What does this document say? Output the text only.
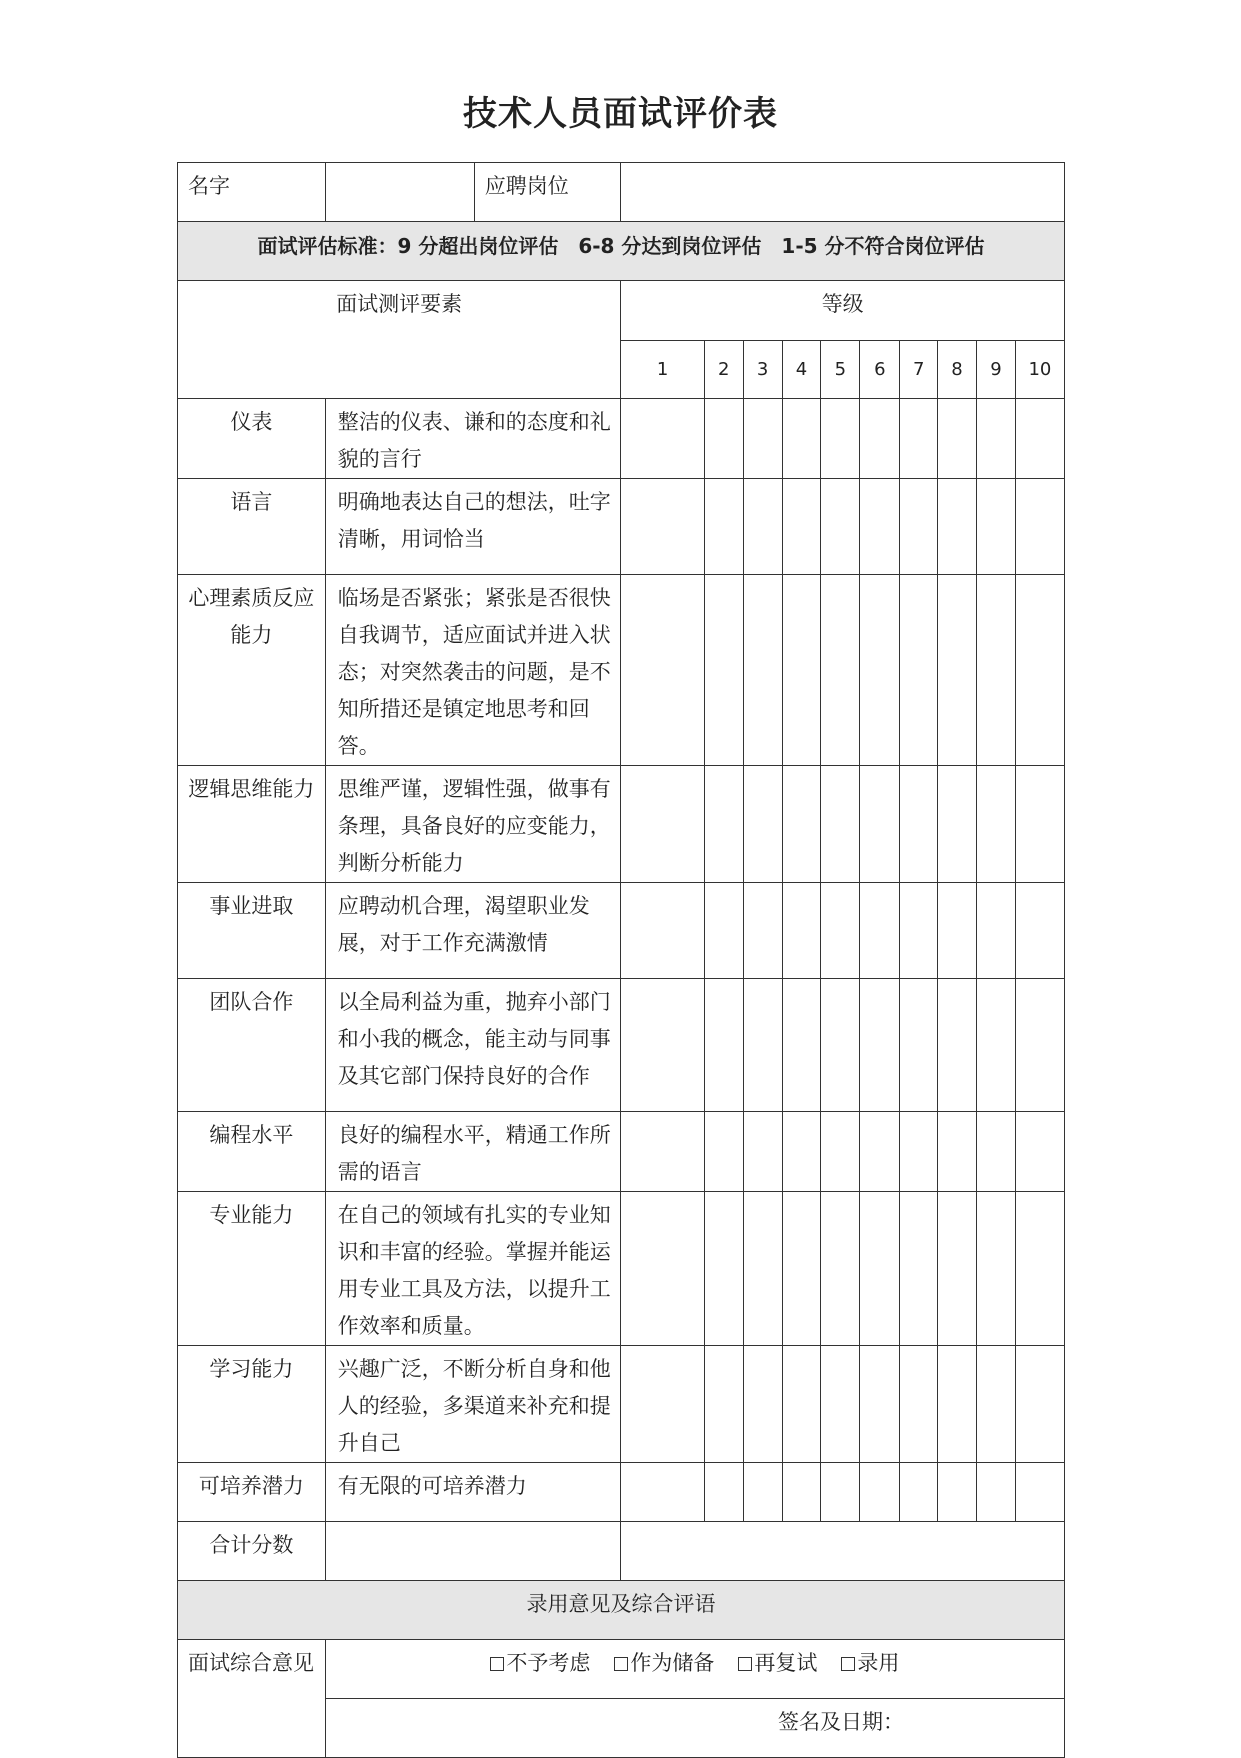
技术人员面试评价表
名字		应聘岗位										
面试评估标准：9 分超出岗位评估　6-8 分达到岗位评估　1-5 分不符合岗位评估												
面试测评要素			等级									
			1	2	3	4	5	6	7	8	9	10
仪表	整洁的仪表、谦和的态度和礼貌的言行											
语言	明确地表达自己的想法，吐字清晰，用词恰当											
心理素质反应能力	临场是否紧张；紧张是否很快自我调节，适应面试并进入状态；对突然袭击的问题，是不知所措还是镇定地思考和回答。											
逻辑思维能力	思维严谨，逻辑性强，做事有条理，具备良好的应变能力，判断分析能力											
事业进取	应聘动机合理，渴望职业发展，对于工作充满激情											
团队合作	以全局利益为重，抛弃小部门和小我的概念，能主动与同事及其它部门保持良好的合作											
编程水平	良好的编程水平，精通工作所需的语言											
专业能力	在自己的领域有扎实的专业知识和丰富的经验。掌握并能运用专业工具及方法，以提升工作效率和质量。											
学习能力	兴趣广泛，不断分析自身和他人的经验，多渠道来补充和提升自己											
可培养潜力	有无限的可培养潜力											
合计分数												
录用意见及综合评语												
面试综合意见	不予考虑 作为储备 再复试 录用											
	签名及日期：											
